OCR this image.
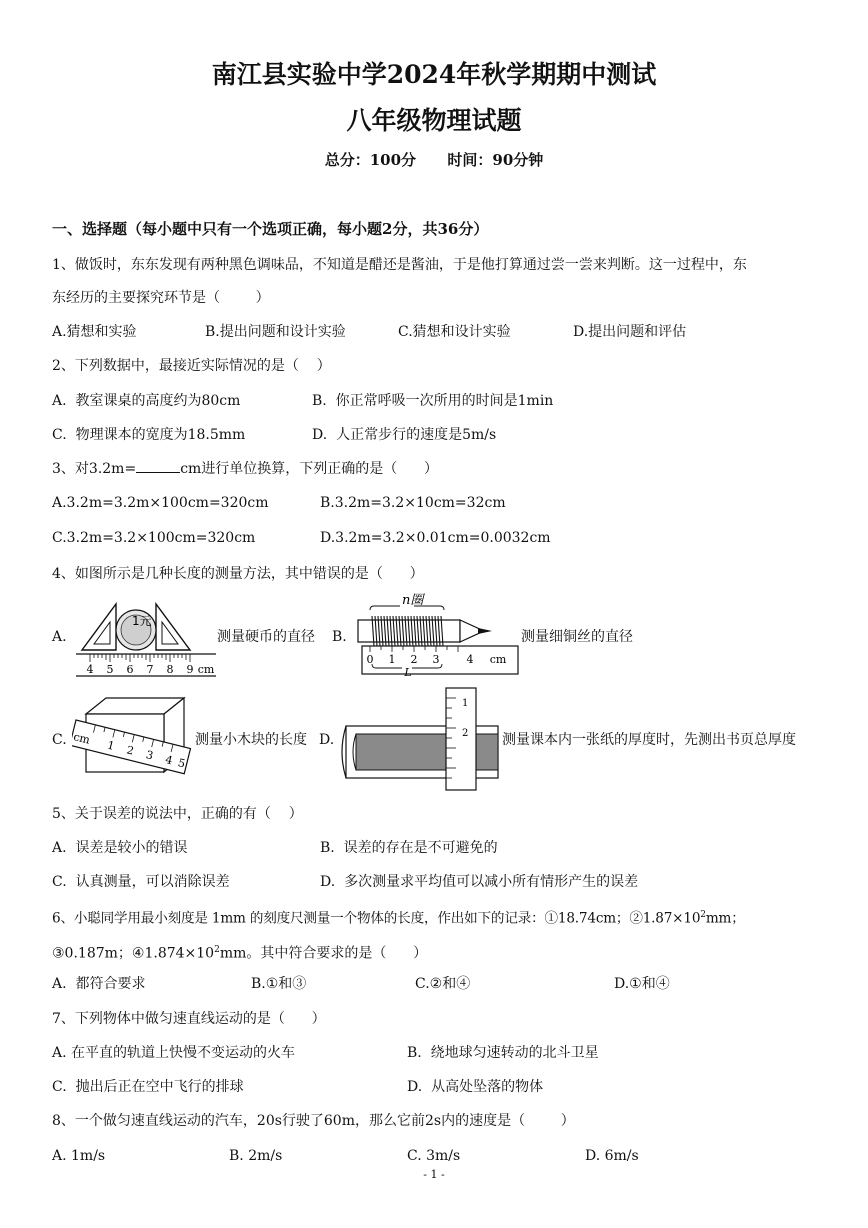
南江县实验中学2024年秋学期期中测试
八年级物理试题
总分：100分      时间：90分钟
一、选择题（每小题中只有一个选项正确，每小题2分，共36分）
1、做饭时，东东发现有两种黑色调味品，不知道是醋还是酱油，于是他打算通过尝一尝来判断。这一过程中，东
东经历的主要探究环节是（        ）
A.猜想和实验	B.提出问题和设计实验	C.猜想和设计实验	D.提出问题和评估
2、下列数据中，最接近实际情况的是（    ）
A.  教室课桌的高度约为80cm	B.  你正常呼吸一次所用的时间是1min
C.  物理课本的宽度为18.5mm	D.  人正常步行的速度是5m/s
3、对3.2m=	cm进行单位换算，下列正确的是（      ）
A.3.2m=3.2m×100cm=320cm	B.3.2m=3.2×10cm=32cm
C.3.2m=3.2×100cm=320cm	D.3.2m=3.2×0.01cm=0.0032cm
4、如图所示是几种长度的测量方法，其中错误的是（      ）
A.
1元
4 5 6 7 8 9 cm
测量硬币的直径 B.
n圈
0 1 2 3 4 cm
L
测量细铜丝的直径
C. cm 1 2 3 4 5
测量小木块的长度 D.
1
2 测量课本内一张纸的厚度时，先测出书页总厚度
5、关于误差的说法中，正确的有（    ）
A.  误差是较小的错误	B.  误差的存在是不可避免的
C.  认真测量，可以消除误差	D.  多次测量求平均值可以减小所有情形产生的误差
6、小聪同学用最小刻度是 1mm 的刻度尺测量一个物体的长度，作出如下的记录：①18.74cm；$②1.87\times 10^2mm$；
③0.187m；$④1.874\times 10^2mm$。其中符合要求的是（      ）
A.  都符合要求	B.①和③	C.②和④	D.①和④
7、下列物体中做匀速直线运动的是（      ）
A. 在平直的轨道上快慢不变运动的火车	B.  绕地球匀速转动的北斗卫星
C.  抛出后正在空中飞行的排球	D.  从高处坠落的物体
8、一个做匀速直线运动的汽车，20s行驶了60m，那么它前2s内的速度是（        ）
A. 1m/s	B. 2m/s	C. 3m/s	D. 6m/s
- 1 -
